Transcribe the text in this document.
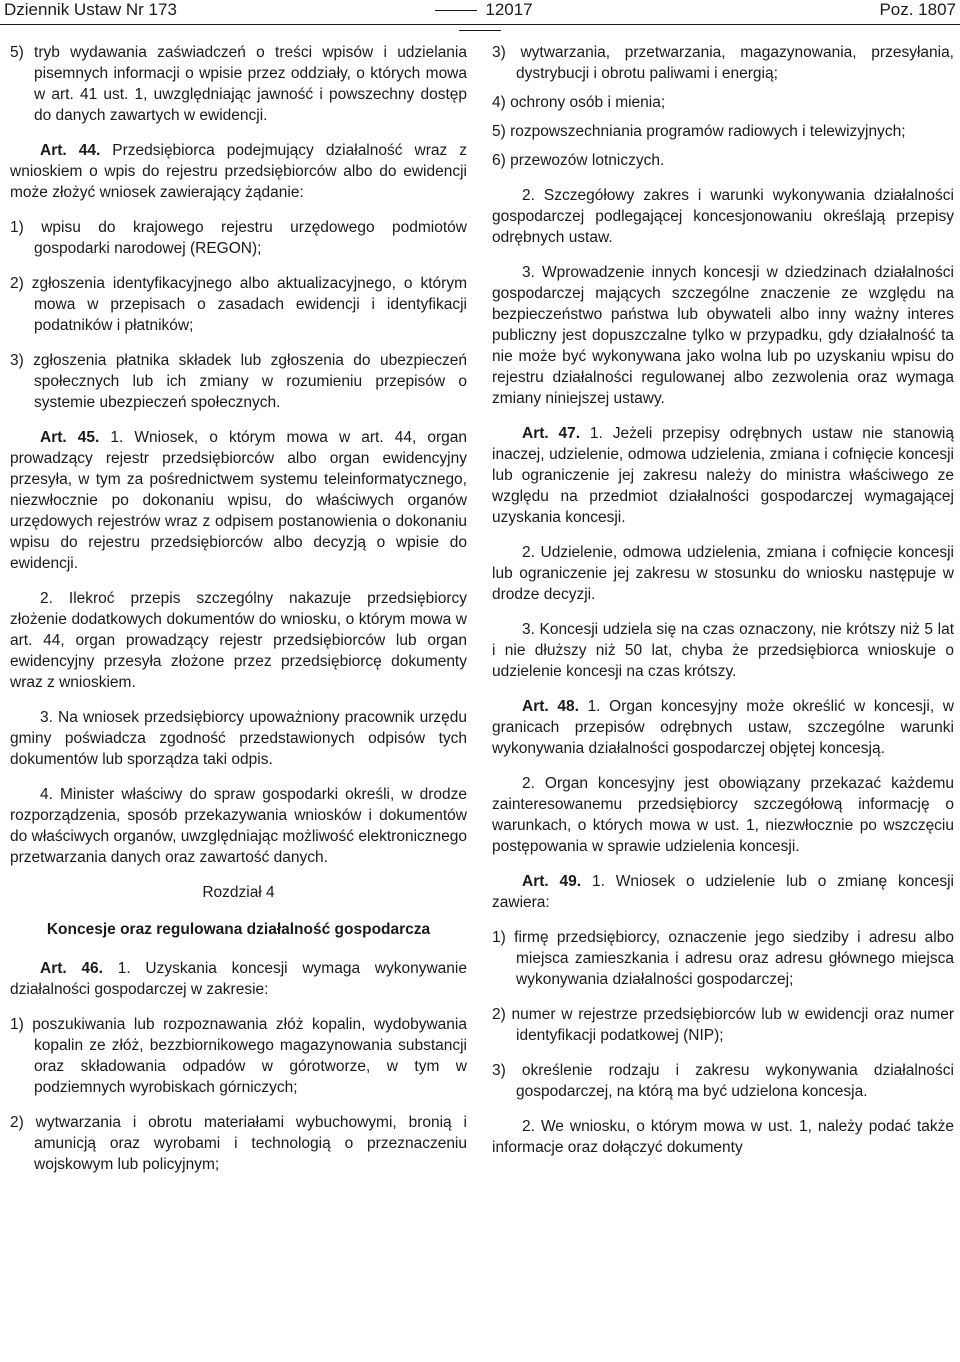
Dziennik Ustaw Nr 173	12017	Poz. 1807
5) tryb wydawania zaświadczeń o treści wpisów i udzielania pisemnych informacji o wpisie przez oddziały, o których mowa w art. 41 ust. 1, uwzględniając jawność i powszechny dostęp do danych zawartych w ewidencji.

Art. 44. Przedsiębiorca podejmujący działalność wraz z wnioskiem o wpis do rejestru przedsiębiorców albo do ewidencji może złożyć wniosek zawierający żądanie:

1) wpisu do krajowego rejestru urzędowego podmiotów gospodarki narodowej (REGON);
2) zgłoszenia identyfikacyjnego albo aktualizacyjnego, o którym mowa w przepisach o zasadach ewidencji i identyfikacji podatników i płatników;
3) zgłoszenia płatnika składek lub zgłoszenia do ubezpieczeń społecznych lub ich zmiany w rozumieniu przepisów o systemie ubezpieczeń społecznych.

Art. 45. 1. Wniosek, o którym mowa w art. 44, organ prowadzący rejestr przedsiębiorców albo organ ewidencyjny przesyła, w tym za pośrednictwem systemu teleinformatycznego, niezwłocznie po dokonaniu wpisu, do właściwych organów urzędowych rejestrów wraz z odpisem postanowienia o dokonaniu wpisu do rejestru przedsiębiorców albo decyzją o wpisie do ewidencji.

2. Ilekroć przepis szczególny nakazuje przedsiębiorcy złożenie dodatkowych dokumentów do wniosku, o którym mowa w art. 44, organ prowadzący rejestr przedsiębiorców lub organ ewidencyjny przesyła złożone przez przedsiębiorcę dokumenty wraz z wnioskiem.

3. Na wniosek przedsiębiorcy upoważniony pracownik urzędu gminy poświadcza zgodność przedstawionych odpisów tych dokumentów lub sporządza taki odpis.

4. Minister właściwy do spraw gospodarki określi, w drodze rozporządzenia, sposób przekazywania wniosków i dokumentów do właściwych organów, uwzględniając możliwość elektronicznego przetwarzania danych oraz zawartość danych.

Rozdział 4
Koncesje oraz regulowana działalność gospodarcza

Art. 46. 1. Uzyskania koncesji wymaga wykonywanie działalności gospodarczej w zakresie:

1) poszukiwania lub rozpoznawania złóż kopalin, wydobywania kopalin ze złóż, bezzbiornikowego magazynowania substancji oraz składowania odpadów w górotworze, w tym w podziemnych wyrobiskach górniczych;
2) wytwarzania i obrotu materiałami wybuchowymi, bronią i amunicją oraz wyrobami i technologią o przeznaczeniu wojskowym lub policyjnym;
3) wytwarzania, przetwarzania, magazynowania, przesyłania, dystrybucji i obrotu paliwami i energią;
4) ochrony osób i mienia;
5) rozpowszechniania programów radiowych i telewizyjnych;
6) przewozów lotniczych.

2. Szczegółowy zakres i warunki wykonywania działalności gospodarczej podlegającej koncesjonowaniu określają przepisy odrębnych ustaw.

3. Wprowadzenie innych koncesji w dziedzinach działalności gospodarczej mających szczególne znaczenie ze względu na bezpieczeństwo państwa lub obywateli albo inny ważny interes publiczny jest dopuszczalne tylko w przypadku, gdy działalność ta nie może być wykonywana jako wolna lub po uzyskaniu wpisu do rejestru działalności regulowanej albo zezwolenia oraz wymaga zmiany niniejszej ustawy.

Art. 47. 1. Jeżeli przepisy odrębnych ustaw nie stanowią inaczej, udzielenie, odmowa udzielenia, zmiana i cofnięcie koncesji lub ograniczenie jej zakresu należy do ministra właściwego ze względu na przedmiot działalności gospodarczej wymagającej uzyskania koncesji.

2. Udzielenie, odmowa udzielenia, zmiana i cofnięcie koncesji lub ograniczenie jej zakresu w stosunku do wniosku następuje w drodze decyzji.

3. Koncesji udziela się na czas oznaczony, nie krótszy niż 5 lat i nie dłuższy niż 50 lat, chyba że przedsiębiorca wnioskuje o udzielenie koncesji na czas krótszy.

Art. 48. 1. Organ koncesyjny może określić w koncesji, w granicach przepisów odrębnych ustaw, szczególne warunki wykonywania działalności gospodarczej objętej koncesją.

2. Organ koncesyjny jest obowiązany przekazać każdemu zainteresowanemu przedsiębiorcy szczegółową informację o warunkach, o których mowa w ust. 1, niezwłocznie po wszczęciu postępowania w sprawie udzielenia koncesji.

Art. 49. 1. Wniosek o udzielenie lub o zmianę koncesji zawiera:

1) firmę przedsiębiorcy, oznaczenie jego siedziby i adresu albo miejsca zamieszkania i adresu oraz adresu głównego miejsca wykonywania działalności gospodarczej;
2) numer w rejestrze przedsiębiorców lub w ewidencji oraz numer identyfikacji podatkowej (NIP);
3) określenie rodzaju i zakresu wykonywania działalności gospodarczej, na którą ma być udzielona koncesja.

2. We wniosku, o którym mowa w ust. 1, należy podać także informacje oraz dołączyć dokumenty
